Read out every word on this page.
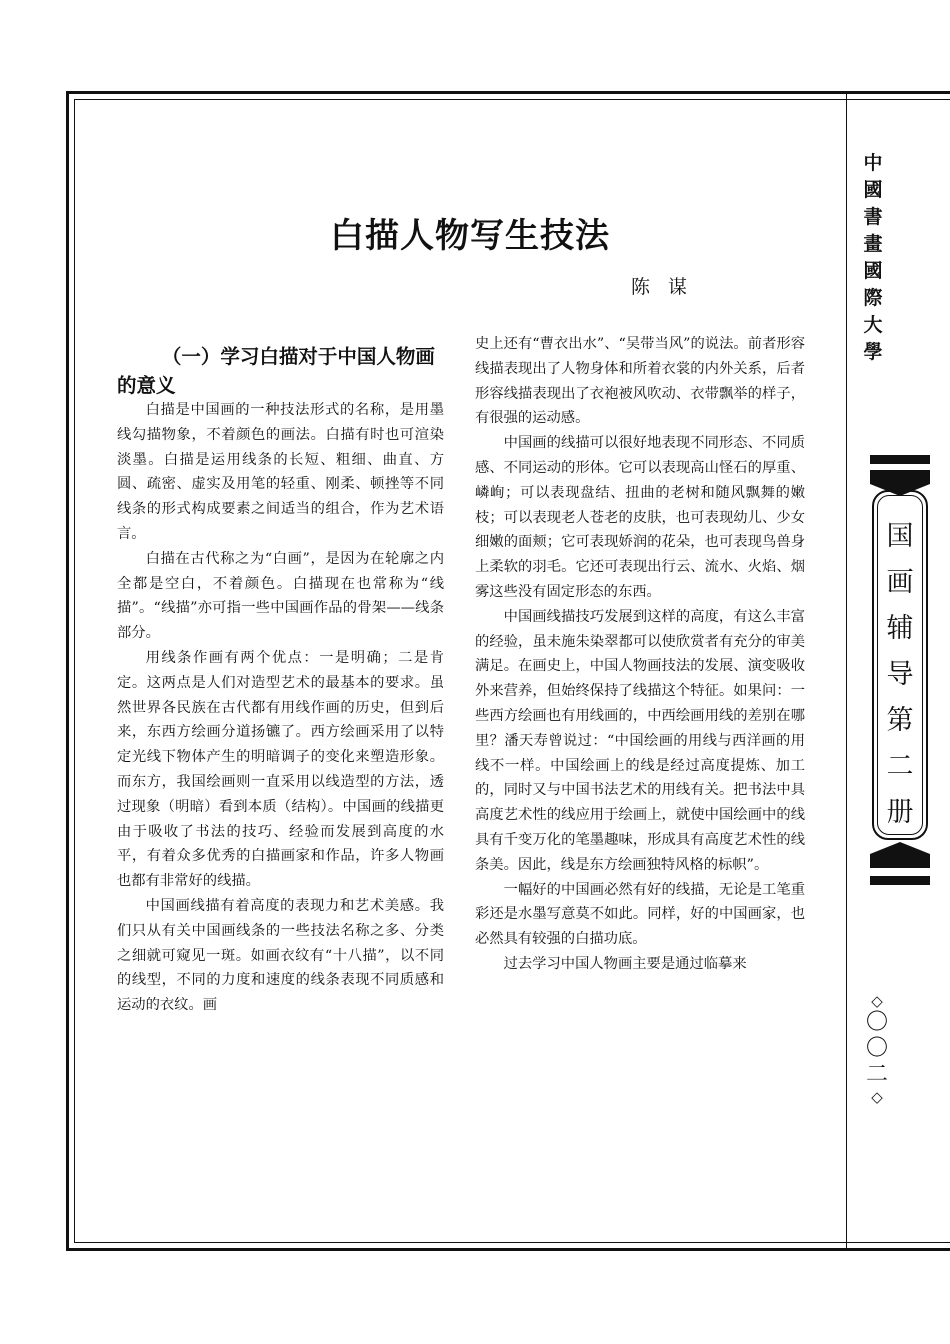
白描人物写生技法
陈谋
（一）学习白描对于中国人物画的意义

白描是中国画的一种技法形式的名称，是用墨线勾描物象，不着颜色的画法。白描有时也可渲染淡墨。白描是运用线条的长短、粗细、曲直、方圆、疏密、虚实及用笔的轻重、刚柔、顿挫等不同线条的形式构成要素之间适当的组合，作为艺术语言。

白描在古代称之为“白画”，是因为在轮廓之内全都是空白，不着颜色。白描现在也常称为“线描”。“线描”亦可指一些中国画作品的骨架——线条部分。

用线条作画有两个优点：一是明确；二是肯定。这两点是人们对造型艺术的最基本的要求。虽然世界各民族在古代都有用线作画的历史，但到后来，东西方绘画分道扬镳了。西方绘画采用了以特定光线下物体产生的明暗调子的变化来塑造形象。而东方，我国绘画则一直采用以线造型的方法，透过现象（明暗）看到本质（结构）。中国画的线描更由于吸收了书法的技巧、经验而发展到高度的水平，有着众多优秀的白描画家和作品，许多人物画也都有非常好的线描。

中国画线描有着高度的表现力和艺术美感。我们只从有关中国画线条的一些技法名称之多、分类之细就可窥见一斑。如画衣纹有“十八描”，以不同的线型，不同的力度和速度的线条表现不同质感和运动的衣纹。画

史上还有“曹衣出水”、“吴带当风”的说法。前者形容线描表现出了人物身体和所着衣裳的内外关系，后者形容线描表现出了衣袍被风吹动、衣带飘举的样子，有很强的运动感。

中国画的线描可以很好地表现不同形态、不同质感、不同运动的形体。它可以表现高山怪石的厚重、嶙峋；可以表现盘结、扭曲的老树和随风飘舞的嫩枝；可以表现老人苍老的皮肤，也可表现幼儿、少女细嫩的面颊；它可表现娇润的花朵，也可表现鸟兽身上柔软的羽毛。它还可表现出行云、流水、火焰、烟雾这些没有固定形态的东西。

中国画线描技巧发展到这样的高度，有这么丰富的经验，虽未施朱染翠都可以使欣赏者有充分的审美满足。在画史上，中国人物画技法的发展、演变吸收外来营养，但始终保持了线描这个特征。如果问：一些西方绘画也有用线画的，中西绘画用线的差别在哪里？潘天寿曾说过：“中国绘画的用线与西洋画的用线不一样。中国绘画上的线是经过高度提炼、加工的，同时又与中国书法艺术的用线有关。把书法中具高度艺术性的线应用于绘画上，就使中国绘画中的线具有千变万化的笔墨趣味，形成具有高度艺术性的线条美。因此，线是东方绘画独特风格的标帜”。

一幅好的中国画必然有好的线描，无论是工笔重彩还是水墨写意莫不如此。同样，好的中国画家，也必然具有较强的白描功底。

过去学习中国人物画主要是通过临摹来

中
國
書
畫
國
際
大
學
国
画
辅
导
第
二
册
◇
〇
〇
二
◇
